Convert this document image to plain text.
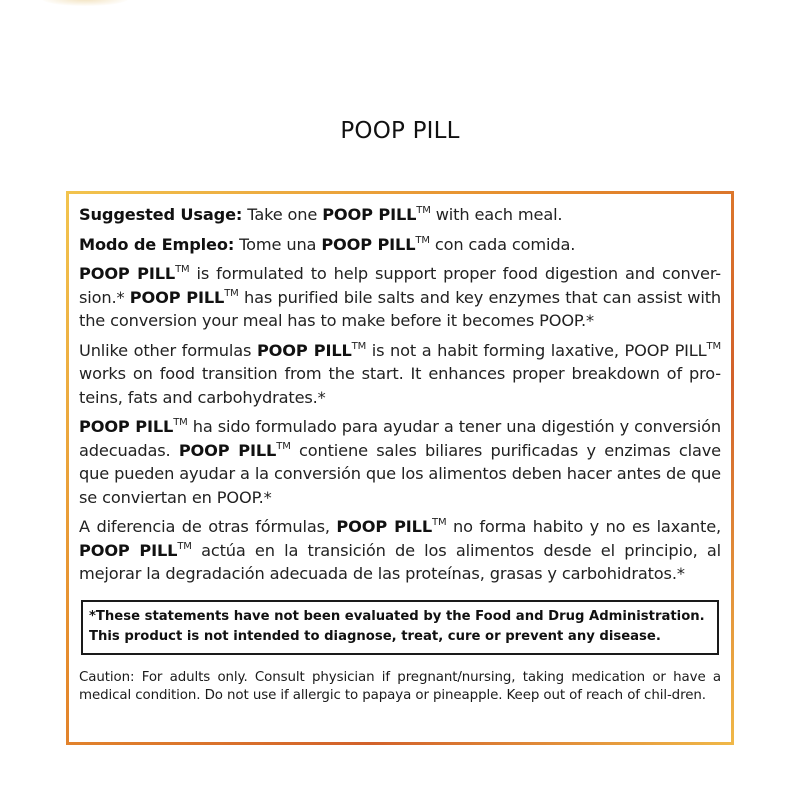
POOP PILL

Suggested Usage: Take one POOP PILL™ with each meal.

Modo de Empleo: Tome una POOP PILL™ con cada comida.

POOP PILL™ is formulated to help support proper food digestion and conver-sion.* POOP PILL™ has purified bile salts and key enzymes that can assist with the conversion your meal has to make before it becomes POOP.*

Unlike other formulas POOP PILL™ is not a habit forming laxative, POOP PILL™ works on food transition from the start. It enhances proper breakdown of pro-teins, fats and carbohydrates.*

POOP PILL™ ha sido formulado para ayudar a tener una digestión y conversión adecuadas. POOP PILL™ contiene sales biliares purificadas y enzimas clave que pueden ayudar a la conversión que los alimentos deben hacer antes de que se conviertan en POOP.*

A diferencia de otras fórmulas, POOP PILL™ no forma habito y no es laxante, POOP PILL™ actúa en la transición de los alimentos desde el principio, al mejorar la degradación adecuada de las proteínas, grasas y carbohidratos.*

*These statements have not been evaluated by the Food and Drug Administration. This product is not intended to diagnose, treat, cure or prevent any disease.
Caution: For adults only. Consult physician if pregnant/nursing, taking medication or have a medical condition. Do not use if allergic to papaya or pineapple. Keep out of reach of chil-dren.
